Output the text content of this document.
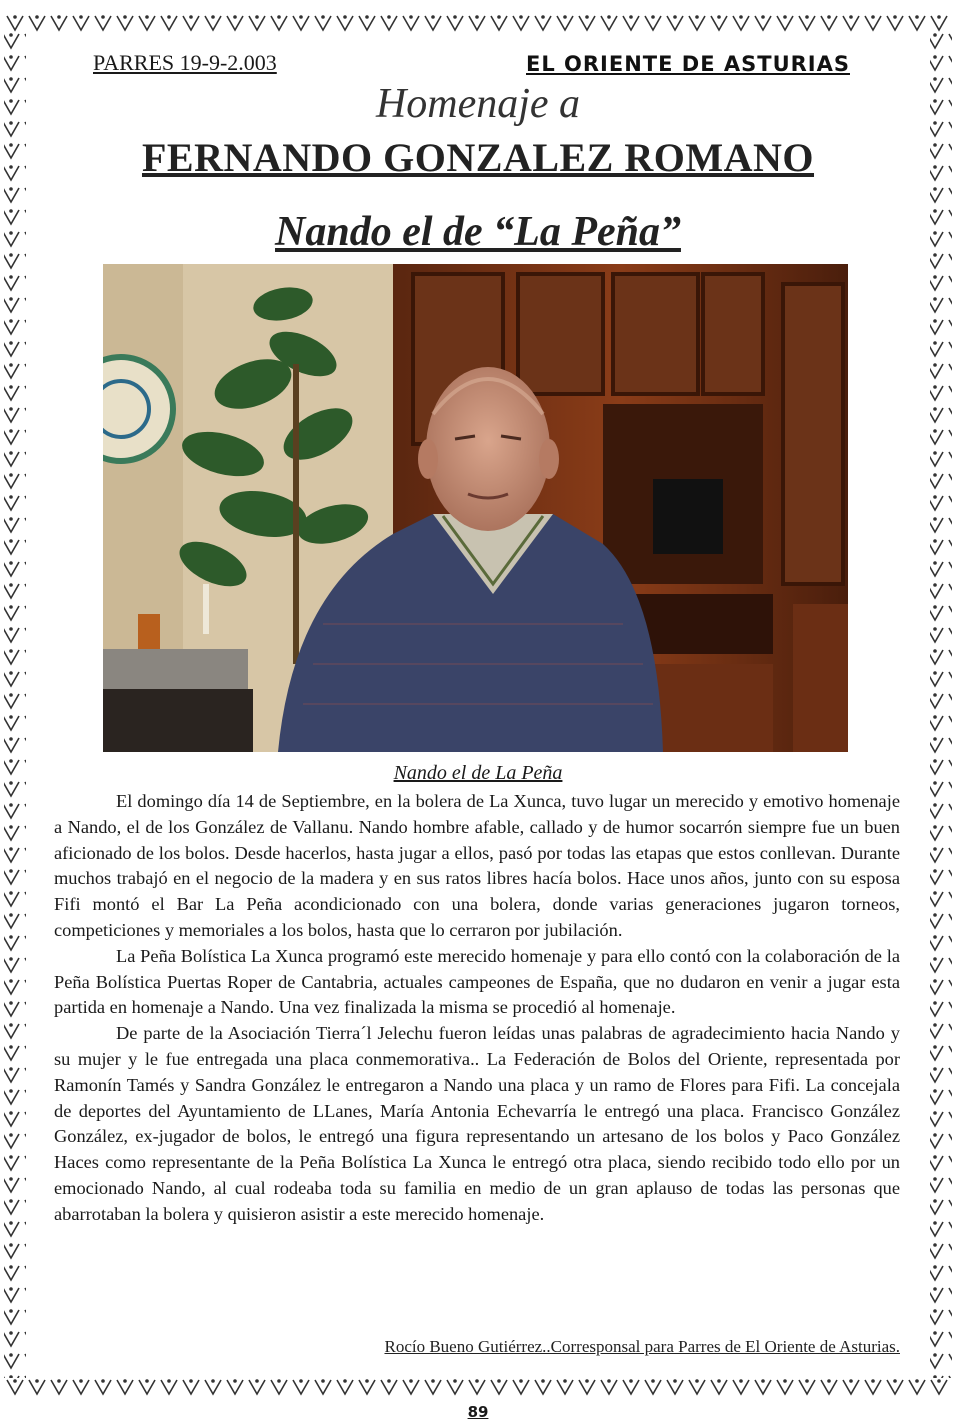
PARRES 19-9-2.003	EL ORIENTE DE ASTURIAS
Homenaje a
FERNANDO GONZALEZ ROMANO
Nando el de “La Peña”
Nando el de La Peña

El domingo día 14 de Septiembre, en la bolera de La Xunca, tuvo lugar un merecido y emotivo homenaje a Nando, el de los González de Vallanu. Nando hombre afable, callado y de humor socarrón siempre fue un buen aficionado de los bolos. Desde hacerlos, hasta jugar a ellos, pasó por todas las etapas que estos conllevan. Durante muchos trabajó en el negocio de la madera y en sus ratos libres hacía bolos. Hace unos años, junto con su esposa Fifi montó el Bar La Peña acondicionado con una bolera, donde varias generaciones jugaron torneos, competiciones y memoriales a los bolos, hasta que lo cerraron por jubilación.

La Peña Bolística La Xunca programó este merecido homenaje y para ello contó con la colaboración de la Peña Bolística Puertas Roper de Cantabria, actuales campeones de España, que no dudaron en venir a jugar esta partida en homenaje a Nando. Una vez finalizada la misma se procedió al homenaje.

De parte de la Asociación Tierra´l Jelechu fueron leídas unas palabras de agradecimiento hacia Nando y su mujer y le fue entregada una placa conmemorativa.. La Federación de Bolos del Oriente, representada por Ramonín Tamés y Sandra González le entregaron a Nando una placa y un ramo de Flores para Fifi. La concejala de deportes del Ayuntamiento de LLanes, María Antonia Echevarría le entregó una placa. Francisco González González, ex-jugador de bolos, le entregó una figura representando un artesano de los bolos y Paco González Haces como representante de la Peña Bolística La Xunca le entregó otra placa, siendo recibido todo ello por un emocionado Nando, al cual rodeaba toda su familia en medio de un gran aplauso de todas las personas que abarrotaban la bolera y quisieron asistir a este merecido homenaje.

Rocío Bueno Gutiérrez..Corresponsal para Parres de El Oriente de Asturias.
89
